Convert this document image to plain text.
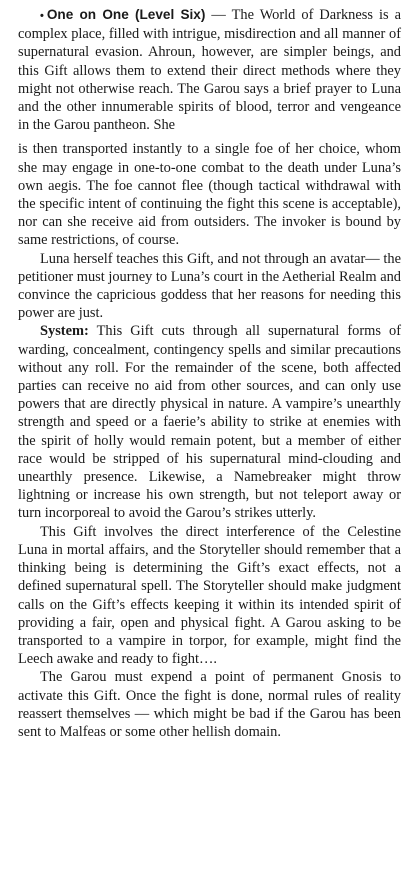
• One on One (Level Six) — The World of Darkness is a complex place, filled with intrigue, misdirection and all manner of supernatural evasion. Ahroun, however, are simpler beings, and this Gift allows them to extend their direct methods where they might not otherwise reach. The Garou says a brief prayer to Luna and the other innumerable spirits of blood, terror and vengeance in the Garou pantheon. She

is then transported instantly to a single foe of her choice, whom she may engage in one-to-one combat to the death under Luna’s own aegis. The foe cannot flee (though tactical withdrawal with the specific intent of continuing the fight this scene is acceptable), nor can she receive aid from outsiders. The invoker is bound by same restrictions, of course.

Luna herself teaches this Gift, and not through an avatar— the petitioner must journey to Luna’s court in the Aetherial Realm and convince the capricious goddess that her reasons for needing this power are just.

System: This Gift cuts through all supernatural forms of warding, concealment, contingency spells and similar precautions without any roll. For the remainder of the scene, both affected parties can receive no aid from other sources, and can only use powers that are directly physical in nature. A vampire’s unearthly strength and speed or a faerie’s ability to strike at enemies with the spirit of holly would remain potent, but a member of either race would be stripped of his supernatural mind-clouding and unearthly presence. Likewise, a Namebreaker might throw lightning or increase his own strength, but not teleport away or turn incorporeal to avoid the Garou’s strikes utterly.

This Gift involves the direct interference of the Celestine Luna in mortal affairs, and the Storyteller should remember that a thinking being is determining the Gift’s exact effects, not a defined supernatural spell. The Storyteller should make judgment calls on the Gift’s effects keeping it within its intended spirit of providing a fair, open and physical fight. A Garou asking to be transported to a vampire in torpor, for example, might find the Leech awake and ready to fight….

The Garou must expend a point of permanent Gnosis to activate this Gift. Once the fight is done, normal rules of reality reassert themselves — which might be bad if the Garou has been sent to Malfeas or some other hellish domain.
